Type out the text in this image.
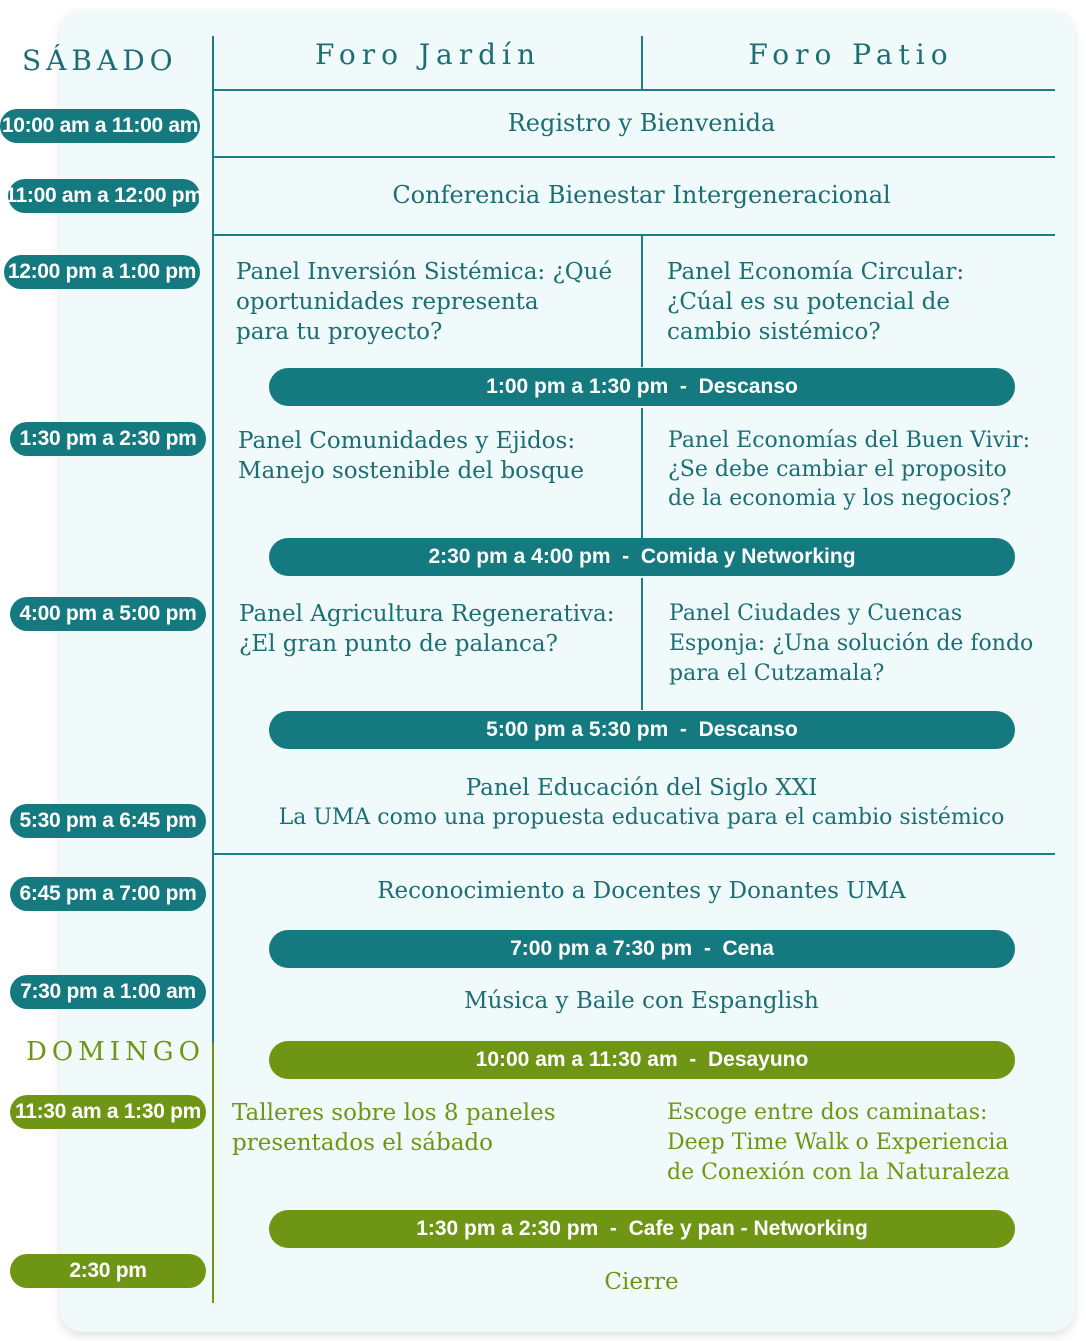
SÁBADO
DOMINGO
Foro Jardín	Foro Patio
10:00 am a 11:00 am
11:00 am a 12:00 pm
12:00 pm a 1:00 pm
1:30 pm a 2:30 pm
4:00 pm a 5:00 pm
5:30 pm a 6:45 pm
6:45 pm a 7:00 pm
7:30 pm a 1:00 am
11:30 am a 1:30 pm
2:30 pm
1:00 pm a 1:30 pm  -  Descanso
2:30 pm a 4:00 pm  -  Comida y Networking
5:00 pm a 5:30 pm  -  Descanso
7:00 pm a 7:30 pm  -  Cena
10:00 am a 11:30 am  -  Desayuno
1:30 pm a 2:30 pm  -  Cafe y pan - Networking
Registro y Bienvenida
Conferencia Bienestar Intergeneracional
Panel Inversión Sistémica: ¿Qué
oportunidades representa
para tu proyecto?
Panel Economía Circular:
¿Cúal es su potencial de
cambio sistémico?
Panel Comunidades y Ejidos:
Manejo sostenible del bosque
Panel Economías del Buen Vivir:
¿Se debe cambiar el proposito
de la economia y los negocios?
Panel Agricultura Regenerativa:
¿El gran punto de palanca?
Panel Ciudades y Cuencas
Esponja: ¿Una solución de fondo
para el Cutzamala?
Panel Educación del Siglo XXI
La UMA como una propuesta educativa para el cambio sistémico
Reconocimiento a Docentes y Donantes UMA
Música y Baile con Espanglish
Talleres sobre los 8 paneles
presentados el sábado
Escoge entre dos caminatas:
Deep Time Walk o Experiencia
de Conexión con la Naturaleza
Cierre
